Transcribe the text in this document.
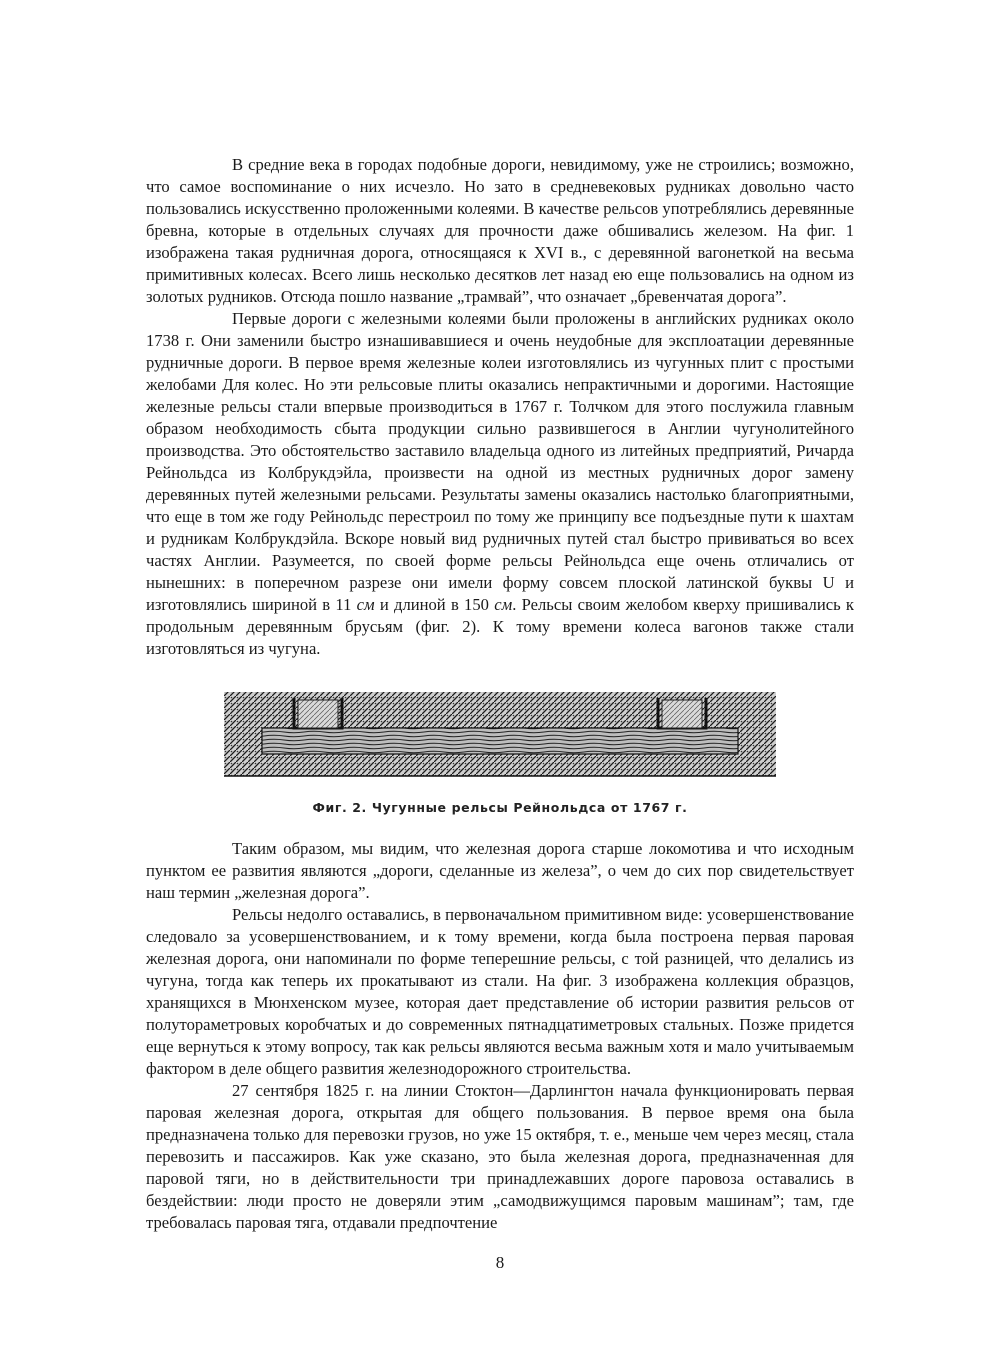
В средние века в городах подобные дороги, невидимому, уже не строились; возможно, что самое воспоминание о них исчезло. Но зато в средневековых рудниках довольно часто пользовались искусственно проложенными колеями. В качестве рельсов употреблялись деревянные бревна, которые в отдельных случаях для прочности даже обшивались железом. На фиг. 1 изображена такая рудничная дорога, относящаяся к XVI в., с деревянной вагонеткой на весьма примитивных колесах. Всего лишь несколько десятков лет назад ею еще пользовались на одном из золотых рудников. Отсюда пошло название „трамвай”, что означает „бревенчатая дорога”.

Первые дороги с железными колеями были проложены в английских рудниках около 1738 г. Они заменили быстро изнашивавшиеся и очень неудобные для эксплоатации деревянные рудничные дороги. В первое время железные колеи изготовлялись из чугунных плит с простыми желобами Для колес. Но эти рельсовые плиты оказались непрактичными и дорогими. Настоящие железные рельсы стали впервые производиться в 1767 г. Толчком для этого послужила главным образом необходимость сбыта продукции сильно развившегося в Англии чугунолитейного производства. Это обстоятельство заставило владельца одного из литейных предприятий, Ричарда Рейнольдса из Колбрукдэйла, произвести на одной из местных рудничных дорог замену деревянных путей железными рельсами. Результаты замены оказались настолько благоприятными, что еще в том же году Рейнольдс перестроил по тому же принципу все подъездные пути к шахтам и рудникам Колбрукдэйла. Вскоре новый вид рудничных путей стал быстро прививаться во всех частях Англии. Разумеется, по своей форме рельсы Рейнольдса еще очень отличались от нынешних: в поперечном разрезе они имели форму совсем плоской латинской буквы U и изготовлялись шириной в 11 см и длиной в 150 см. Рельсы своим желобом кверху пришивались к продольным деревянным брусьям (фиг. 2). К тому времени колеса вагонов также стали изготовляться из чугуна.

Фиг. 2. Чугунные рельсы Рейнольдса от 1767 г.

Таким образом, мы видим, что железная дорога старше локомотива и что исходным пунктом ее развития являются „дороги, сделанные из железа”, о чем до сих пор свидетельствует наш термин „железная дорога”.

Рельсы недолго оставались, в первоначальном примитивном виде: усовершенствование следовало за усовершенствованием, и к тому времени, когда была построена первая паровая железная дорога, они напоминали по форме теперешние рельсы, с той разницей, что делались из чугуна, тогда как теперь их прокатывают из стали. На фиг. 3 изображена коллекция образцов, хранящихся в Мюнхенском музее, которая дает представление об истории развития рельсов от полутораметровых коробчатых и до современных пятнадцатиметровых стальных. Позже придется еще вернуться к этому вопросу, так как рельсы являются весьма важным хотя и мало учитываемым фактором в деле общего развития железнодорожного строительства.

27 сентября 1825 г. на линии Стоктон—Дарлингтон начала функционировать первая паровая железная дорога, открытая для общего пользования. В первое время она была предназначена только для перевозки грузов, но уже 15 октября, т. е., меньше чем через месяц, стала перевозить и пассажиров. Как уже сказано, это была железная дорога, предназначенная для паровой тяги, но в действительности три принадлежавших дороге паровоза оставались в бездействии: люди просто не доверяли этим „самодвижущимся паровым машинам”; там, где требовалась паровая тяга, отдавали предпочтение

8
